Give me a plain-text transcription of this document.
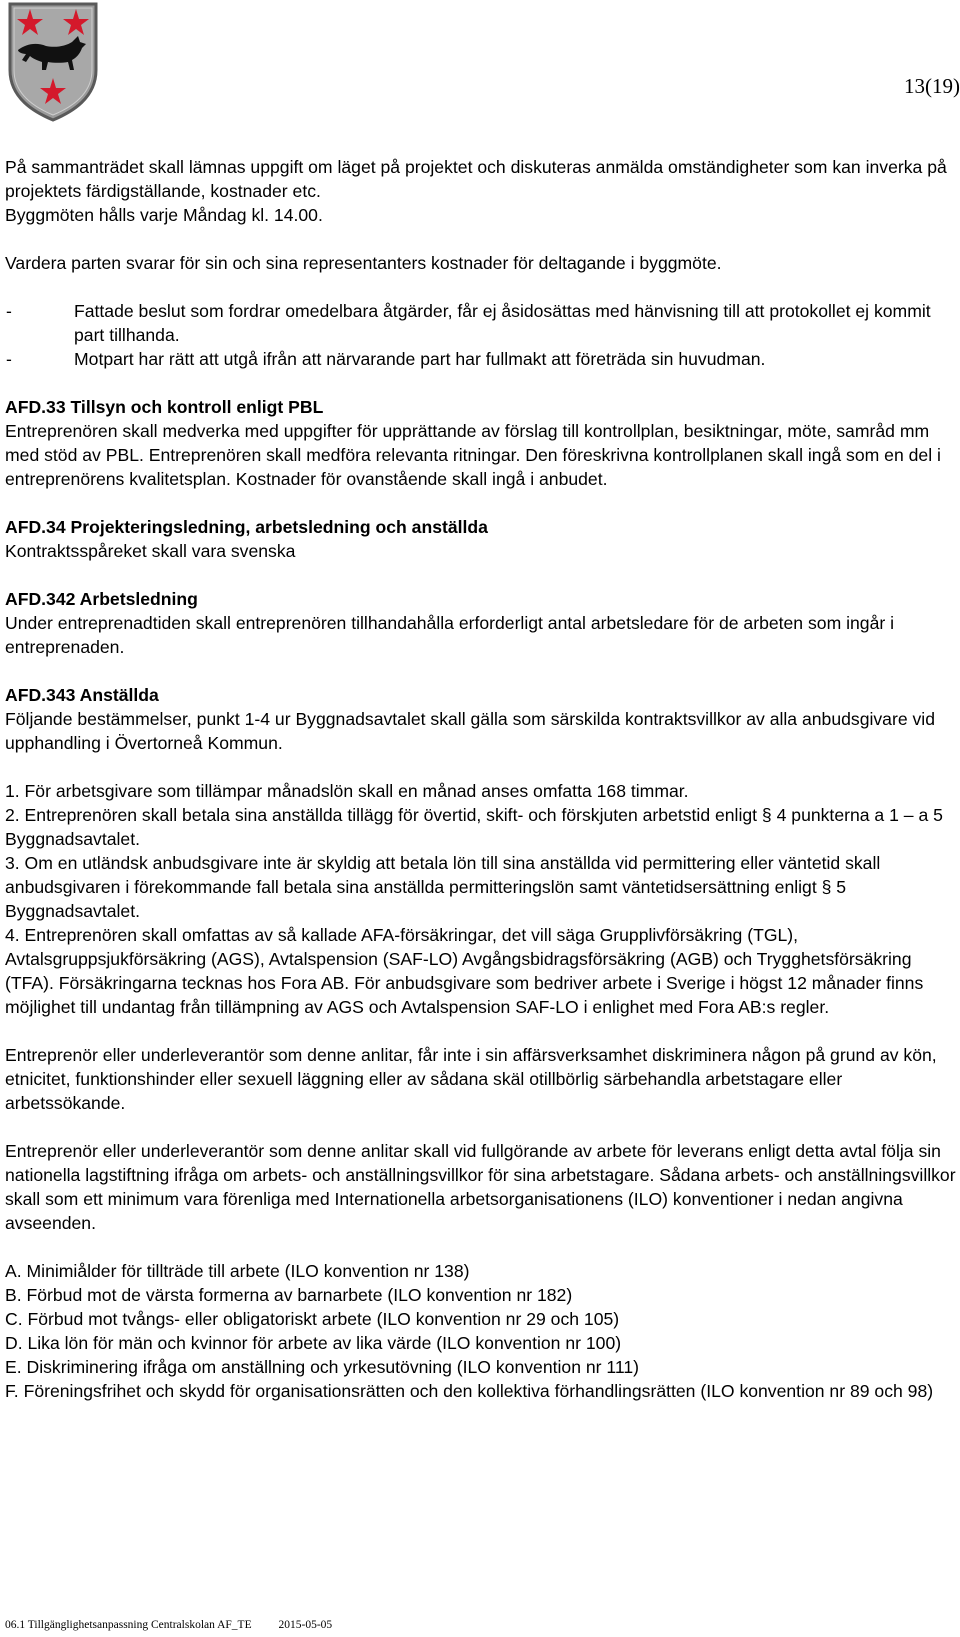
13(19)

På sammanträdet skall lämnas uppgift om läget på projektet och diskuteras anmälda omständigheter som kan inverka på projektets färdigställande, kostnader etc.

Byggmöten hålls varje Måndag kl. 14.00.

Vardera parten svarar för sin och sina representanters kostnader för deltagande i byggmöte.

-	Fattade beslut som fordrar omedelbara åtgärder, får ej åsidosättas med hänvisning till att protokollet ej kommit part tillhanda.
-	Motpart har rätt att utgå ifrån att närvarande part har fullmakt att företräda sin huvudman.

AFD.33 Tillsyn och kontroll enligt PBL

Entreprenören skall medverka med uppgifter för upprättande av förslag till kontrollplan, besiktningar, möte, samråd mm med stöd av PBL. Entreprenören skall medföra relevanta ritningar. Den föreskrivna kontrollplanen skall ingå som en del i entreprenörens kvalitetsplan. Kostnader för ovanstående skall ingå i anbudet.

AFD.34 Projekteringsledning, arbetsledning och anställda

Kontraktsspåreket skall vara svenska

AFD.342 Arbetsledning

Under entreprenadtiden skall entreprenören tillhandahålla erforderligt antal arbetsledare för de arbeten som ingår i entreprenaden.

AFD.343 Anställda

Följande bestämmelser, punkt 1-4 ur Byggnadsavtalet skall gälla som särskilda kontraktsvillkor av alla anbudsgivare vid upphandling i Övertorneå Kommun.

1. För arbetsgivare som tillämpar månadslön skall en månad anses omfatta 168 timmar.

2. Entreprenören skall betala sina anställda tillägg för övertid, skift- och förskjuten arbetstid enligt § 4 punkterna a 1 – a 5 Byggnadsavtalet.

3. Om en utländsk anbudsgivare inte är skyldig att betala lön till sina anställda vid permittering eller väntetid skall anbudsgivaren i förekommande fall betala sina anställda permitteringslön samt väntetidsersättning enligt § 5 Byggnadsavtalet.

4. Entreprenören skall omfattas av så kallade AFA-försäkringar, det vill säga Grupplivförsäkring (TGL), Avtalsgruppsjukförsäkring (AGS), Avtalspension (SAF-LO) Avgångsbidragsförsäkring (AGB) och Trygghetsförsäkring (TFA). Försäkringarna tecknas hos Fora AB. För anbudsgivare som bedriver arbete i Sverige i högst 12 månader finns möjlighet till undantag från tillämpning av AGS och Avtalspension SAF-LO i enlighet med Fora AB:s regler.

Entreprenör eller underleverantör som denne anlitar, får inte i sin affärsverksamhet diskriminera någon på grund av kön, etnicitet, funktionshinder eller sexuell läggning eller av sådana skäl otillbörlig särbehandla arbetstagare eller arbetssökande.

Entreprenör eller underleverantör som denne anlitar skall vid fullgörande av arbete för leverans enligt detta avtal följa sin nationella lagstiftning ifråga om arbets- och anställningsvillkor för sina arbetstagare. Sådana arbets- och anställningsvillkor skall som ett minimum vara förenliga med Internationella arbetsorganisationens (ILO) konventioner i nedan angivna avseenden.

A. Minimiålder för tillträde till arbete (ILO konvention nr 138)

B. Förbud mot de värsta formerna av barnarbete (ILO konvention nr 182)

C. Förbud mot tvångs- eller obligatoriskt arbete (ILO konvention nr 29 och 105)

D. Lika lön för män och kvinnor för arbete av lika värde (ILO konvention nr 100)

E. Diskriminering ifråga om anställning och yrkesutövning (ILO konvention nr 111)

F. Föreningsfrihet och skydd för organisationsrätten och den kollektiva förhandlingsrätten (ILO konvention nr 89 och 98)

06.1 Tillgänglighetsanpassning Centralskolan AF_TE 2015-05-05
